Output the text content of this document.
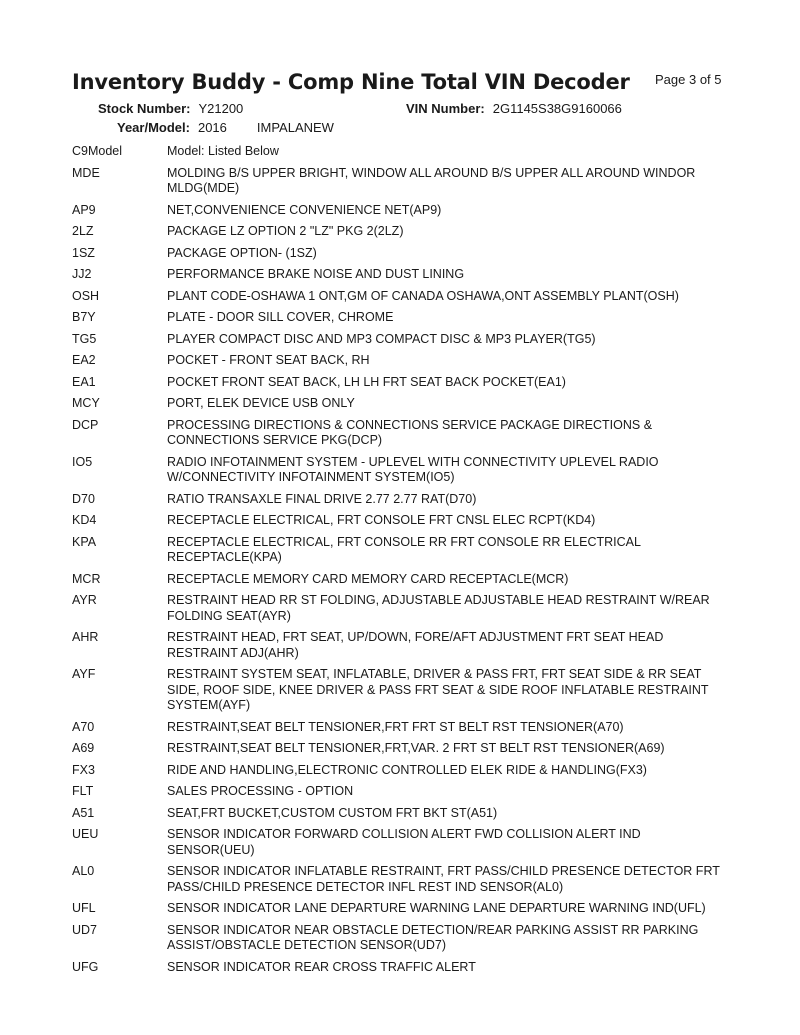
Inventory Buddy - Comp Nine Total VIN Decoder Page 3 of 5
Stock Number: Y21200	VIN Number: 2G1145S38G9160066
Year/Model: 2016 IMPALANEW
C9Model	Model: Listed Below
MDE	MOLDING B/S UPPER BRIGHT, WINDOW ALL AROUND B/S UPPER ALL AROUND WINDOR MLDG(MDE)
AP9	NET,CONVENIENCE CONVENIENCE NET(AP9)
2LZ	PACKAGE LZ OPTION 2 "LZ" PKG 2(2LZ)
1SZ	PACKAGE OPTION- (1SZ)
JJ2	PERFORMANCE BRAKE NOISE AND DUST LINING
OSH	PLANT CODE-OSHAWA 1 ONT,GM OF CANADA OSHAWA,ONT ASSEMBLY PLANT(OSH)
B7Y	PLATE - DOOR SILL COVER, CHROME
TG5	PLAYER COMPACT DISC AND MP3 COMPACT DISC & MP3 PLAYER(TG5)
EA2	POCKET - FRONT SEAT BACK, RH
EA1	POCKET FRONT SEAT BACK, LH LH FRT SEAT BACK POCKET(EA1)
MCY	PORT, ELEK DEVICE USB ONLY
DCP	PROCESSING DIRECTIONS & CONNECTIONS SERVICE PACKAGE DIRECTIONS & CONNECTIONS SERVICE PKG(DCP)
IO5	RADIO INFOTAINMENT SYSTEM - UPLEVEL WITH CONNECTIVITY UPLEVEL RADIO W/CONNECTIVITY INFOTAINMENT SYSTEM(IO5)
D70	RATIO TRANSAXLE FINAL DRIVE 2.77 2.77 RAT(D70)
KD4	RECEPTACLE ELECTRICAL, FRT CONSOLE FRT CNSL ELEC RCPT(KD4)
KPA	RECEPTACLE ELECTRICAL, FRT CONSOLE RR FRT CONSOLE RR ELECTRICAL RECEPTACLE(KPA)
MCR	RECEPTACLE MEMORY CARD MEMORY CARD RECEPTACLE(MCR)
AYR	RESTRAINT HEAD RR ST FOLDING, ADJUSTABLE ADJUSTABLE HEAD RESTRAINT W/REAR FOLDING SEAT(AYR)
AHR	RESTRAINT HEAD, FRT SEAT, UP/DOWN, FORE/AFT ADJUSTMENT FRT SEAT HEAD RESTRAINT ADJ(AHR)
AYF	RESTRAINT SYSTEM SEAT, INFLATABLE, DRIVER & PASS FRT, FRT SEAT SIDE & RR SEAT SIDE, ROOF SIDE, KNEE DRIVER & PASS FRT SEAT & SIDE ROOF INFLATABLE RESTRAINT SYSTEM(AYF)
A70	RESTRAINT,SEAT BELT TENSIONER,FRT FRT ST BELT RST TENSIONER(A70)
A69	RESTRAINT,SEAT BELT TENSIONER,FRT,VAR. 2 FRT ST BELT RST TENSIONER(A69)
FX3	RIDE AND HANDLING,ELECTRONIC CONTROLLED ELEK RIDE & HANDLING(FX3)
FLT	SALES PROCESSING - OPTION
A51	SEAT,FRT BUCKET,CUSTOM CUSTOM FRT BKT ST(A51)
UEU	SENSOR INDICATOR FORWARD COLLISION ALERT FWD COLLISION ALERT IND SENSOR(UEU)
AL0	SENSOR INDICATOR INFLATABLE RESTRAINT, FRT PASS/CHILD PRESENCE DETECTOR FRT PASS/CHILD PRESENCE DETECTOR INFL REST IND SENSOR(AL0)
UFL	SENSOR INDICATOR LANE DEPARTURE WARNING LANE DEPARTURE WARNING IND(UFL)
UD7	SENSOR INDICATOR NEAR OBSTACLE DETECTION/REAR PARKING ASSIST RR PARKING ASSIST/OBSTACLE DETECTION SENSOR(UD7)
UFG	SENSOR INDICATOR REAR CROSS TRAFFIC ALERT
